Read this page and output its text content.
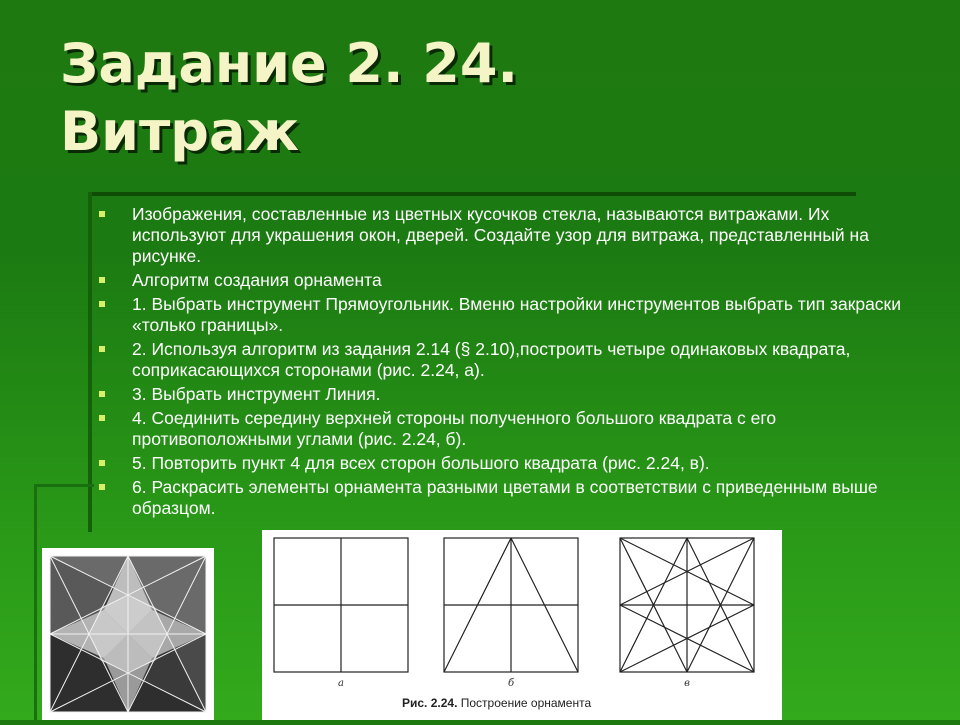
Задание 2. 24.
Витраж
Изображения, составленные из цветных кусочков стекла, называются витражами. Их используют для украшения окон, дверей. Создайте узор для витража, представленный на рисунке.
Алгоритм создания орнамента
1. Выбрать инструмент Прямоугольник. Вменю настройки инструментов выбрать тип закраски «только границы».
2. Используя алгоритм из задания 2.14 (§ 2.10),построить четыре одинаковых квадрата, соприкасающихся сторонами (рис. 2.24, а).
3. Выбрать инструмент Линия.
4. Соединить середину верхней стороны полученного большого квадрата с его противоположными углами (рис. 2.24, б).
5. Повторить пункт 4 для всех сторон большого квадрата (рис. 2.24, в).
6. Раскрасить элементы орнамента разными цветами в соответствии с приведенным выше образцом.
а	б	в
Рис. 2.24. Построение орнамента
